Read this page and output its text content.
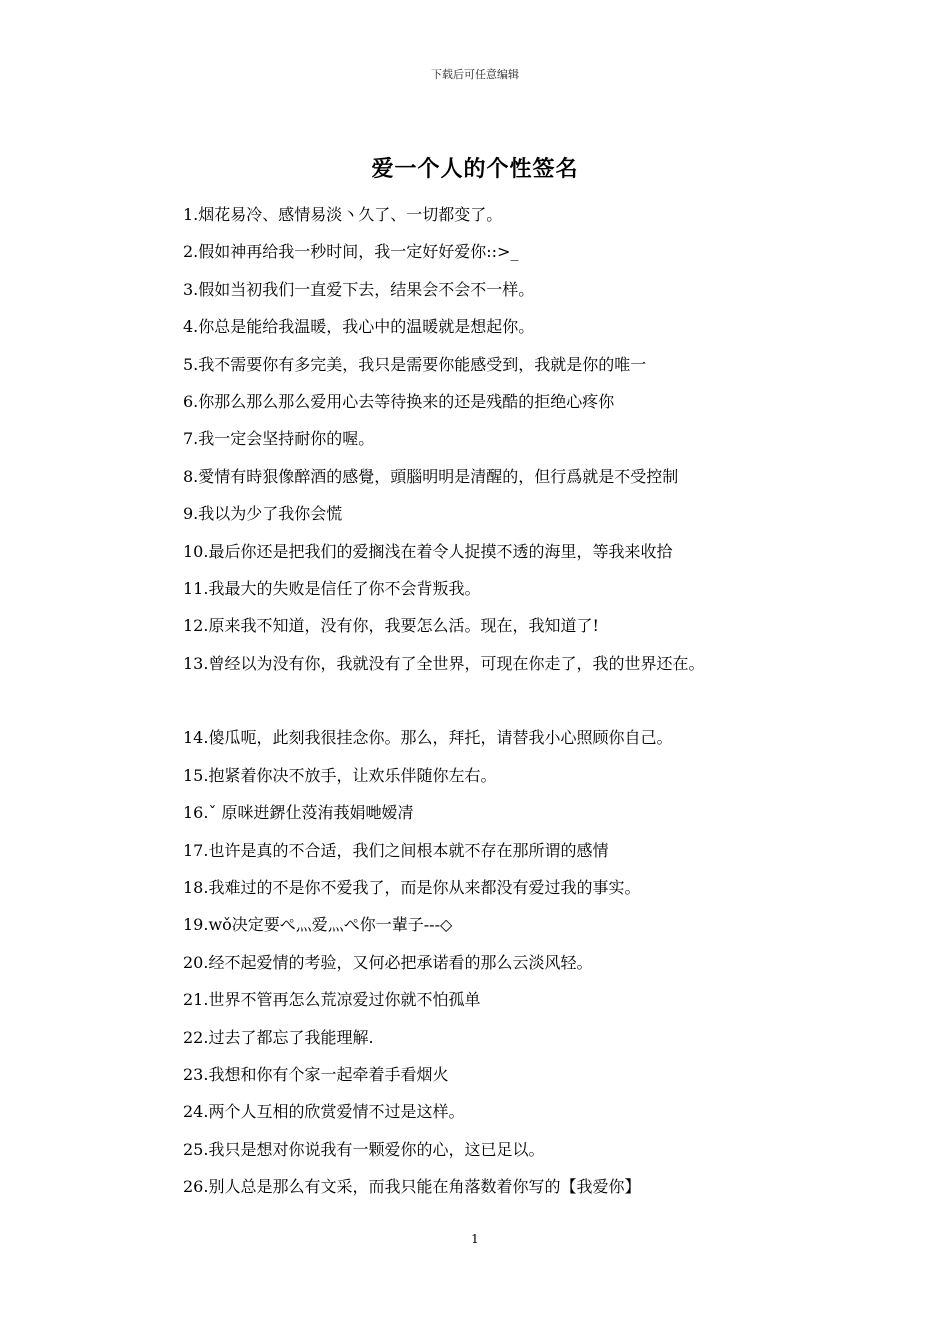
下载后可任意编辑
爱一个人的个性签名
1.烟花易冷、感情易淡丶久了、一切都变了。
2.假如神再给我一秒时间，我一定好好爱你::>_
3.假如当初我们一直爱下去，结果会不会不一样。
4.你总是能给我温暖，我心中的温暖就是想起你。
5.我不需要你有多完美，我只是需要你能感受到，我就是你的唯一
6.你那么那么那么爱用心去等待换来的还是残酷的拒绝心疼你
7.我一定会坚持耐你的喔。
8.愛情有時狠像醉酒的感覺，頭腦明明是清醒的，但行爲就是不受控制
9.我以为少了我你会慌
10.最后你还是把我们的爱搁浅在着令人捉摸不透的海里，等我来收拾
11.我最大的失败是信任了你不会背叛我。
12.原来我不知道，没有你，我要怎么活。现在，我知道了!
13.曾经以为没有你，我就没有了全世界，可现在你走了，我的世界还在。
14.傻瓜呃，此刻我很挂念你。那么，拜托，请替我小心照顾你自己。
15.抱紧着你决不放手，让欢乐伴随你左右。
16.ˇ 原咪逬鎅仩莈洧莪娟哋嫒凊
17.也许是真的不合适，我们之间根本就不存在那所谓的感情
18.我难过的不是你不爱我了，而是你从来都没有爱过我的事实。
19.wǒ决定要ぺ灬爱灬ぺ你一輩子---◇
20.经不起爱情的考验，又何必把承诺看的那么云淡风轻。
21.世界不管再怎么荒凉爱过你就不怕孤单
22.过去了都忘了我能理解.
23.我想和你有个家一起牵着手看烟火
24.两个人互相的欣赏爱情不过是这样。
25.我只是想对你说我有一颗爱你的心，这已足以。
26.别人总是那么有文采，而我只能在角落数着你写的【我爱你】
1
